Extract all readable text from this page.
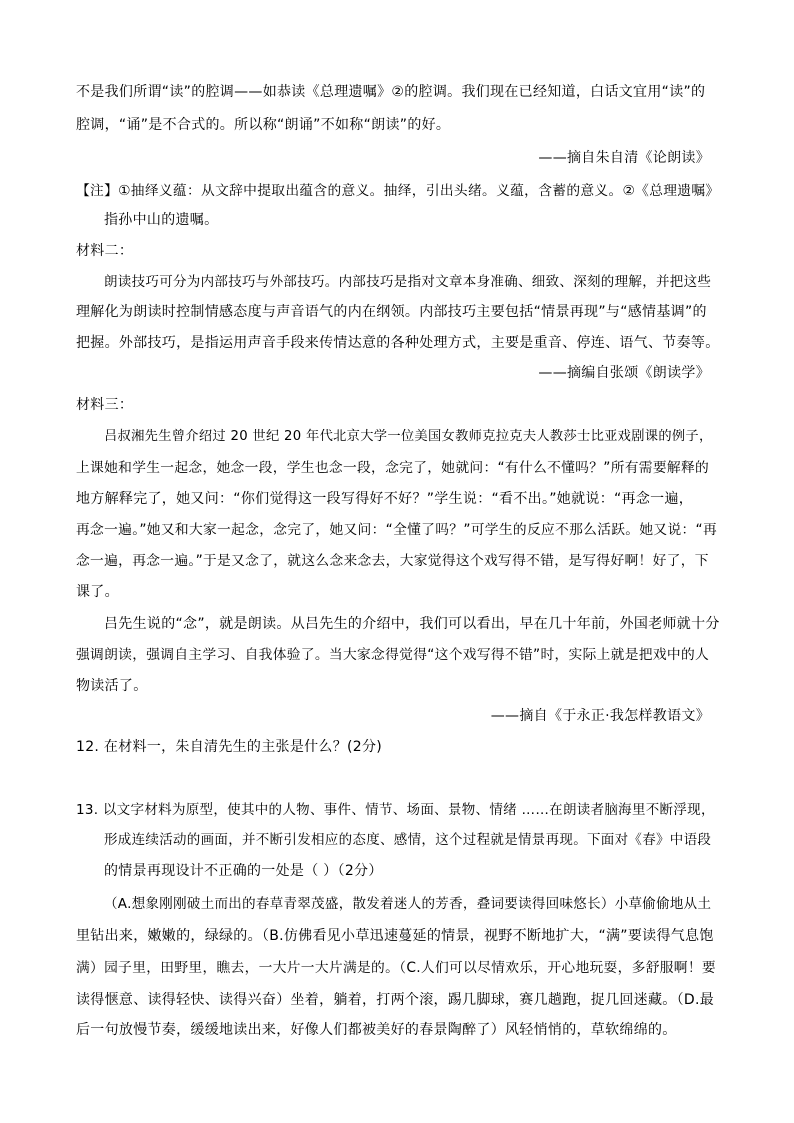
不是我们所谓“读”的腔调——如恭读《总理遗嘱》②的腔调。我们现在已经知道，白话文宜用“读”的
腔调，“诵”是不合式的。所以称“朗诵”不如称“朗读”的好。
——摘自朱自清《论朗读》
【注】①抽绎义蕴：从文辞中提取出蕴含的意义。抽绎，引出头绪。义蕴，含蓄的意义。②《总理遗嘱》
指孙中山的遗嘱。
材料二：
朗读技巧可分为内部技巧与外部技巧。内部技巧是指对文章本身准确、细致、深刻的理解，并把这些
理解化为朗读时控制情感态度与声音语气的内在纲领。内部技巧主要包括“情景再现”与“感情基调”的
把握。外部技巧，是指运用声音手段来传情达意的各种处理方式，主要是重音、停连、语气、节奏等。
——摘编自张颂《朗读学》
材料三：
吕叔湘先生曾介绍过 20 世纪 20 年代北京大学一位美国女教师克拉克夫人教莎士比亚戏剧课的例子，
上课她和学生一起念，她念一段，学生也念一段，念完了，她就问：“有什么不懂吗？”所有需要解释的
地方解释完了，她又问：“你们觉得这一段写得好不好？”学生说：“看不出。”她就说：“再念一遍，
再念一遍。”她又和大家一起念，念完了，她又问：“全懂了吗？”可学生的反应不那么活跃。她又说：“再
念一遍，再念一遍。”于是又念了，就这么念来念去，大家觉得这个戏写得不错，是写得好啊！好了，下
课了。
吕先生说的“念”，就是朗读。从吕先生的介绍中，我们可以看出，早在几十年前，外国老师就十分
强调朗读，强调自主学习、自我体验了。当大家念得觉得“这个戏写得不错”时，实际上就是把戏中的人
物读活了。
——摘自《于永正·我怎样教语文》
12. 在材料一，朱自清先生的主张是什么？(2分)
13. 以文字材料为原型，使其中的人物、事件、情节、场面、景物、情绪 ……在朗读者脑海里不断浮现，
形成连续活动的画面，并不断引发相应的态度、感情，这个过程就是情景再现。下面对《春》中语段
的情景再现设计不正确的一处是（ ）（2分）
（A.想象刚刚破土而出的春草青翠茂盛，散发着迷人的芳香，叠词要读得回味悠长）小草偷偷地从土
里钻出来，嫩嫩的，绿绿的。（B.仿佛看见小草迅速蔓延的情景，视野不断地扩大，“满”要读得气息饱
满）园子里，田野里，瞧去，一大片一大片满是的。（C.人们可以尽情欢乐，开心地玩耍，多舒服啊！要
读得惬意、读得轻快、读得兴奋）坐着，躺着，打两个滚，踢几脚球，赛几趟跑，捉几回迷藏。（D.最
后一句放慢节奏，缓缓地读出来，好像人们都被美好的春景陶醉了）风轻悄悄的，草软绵绵的。
